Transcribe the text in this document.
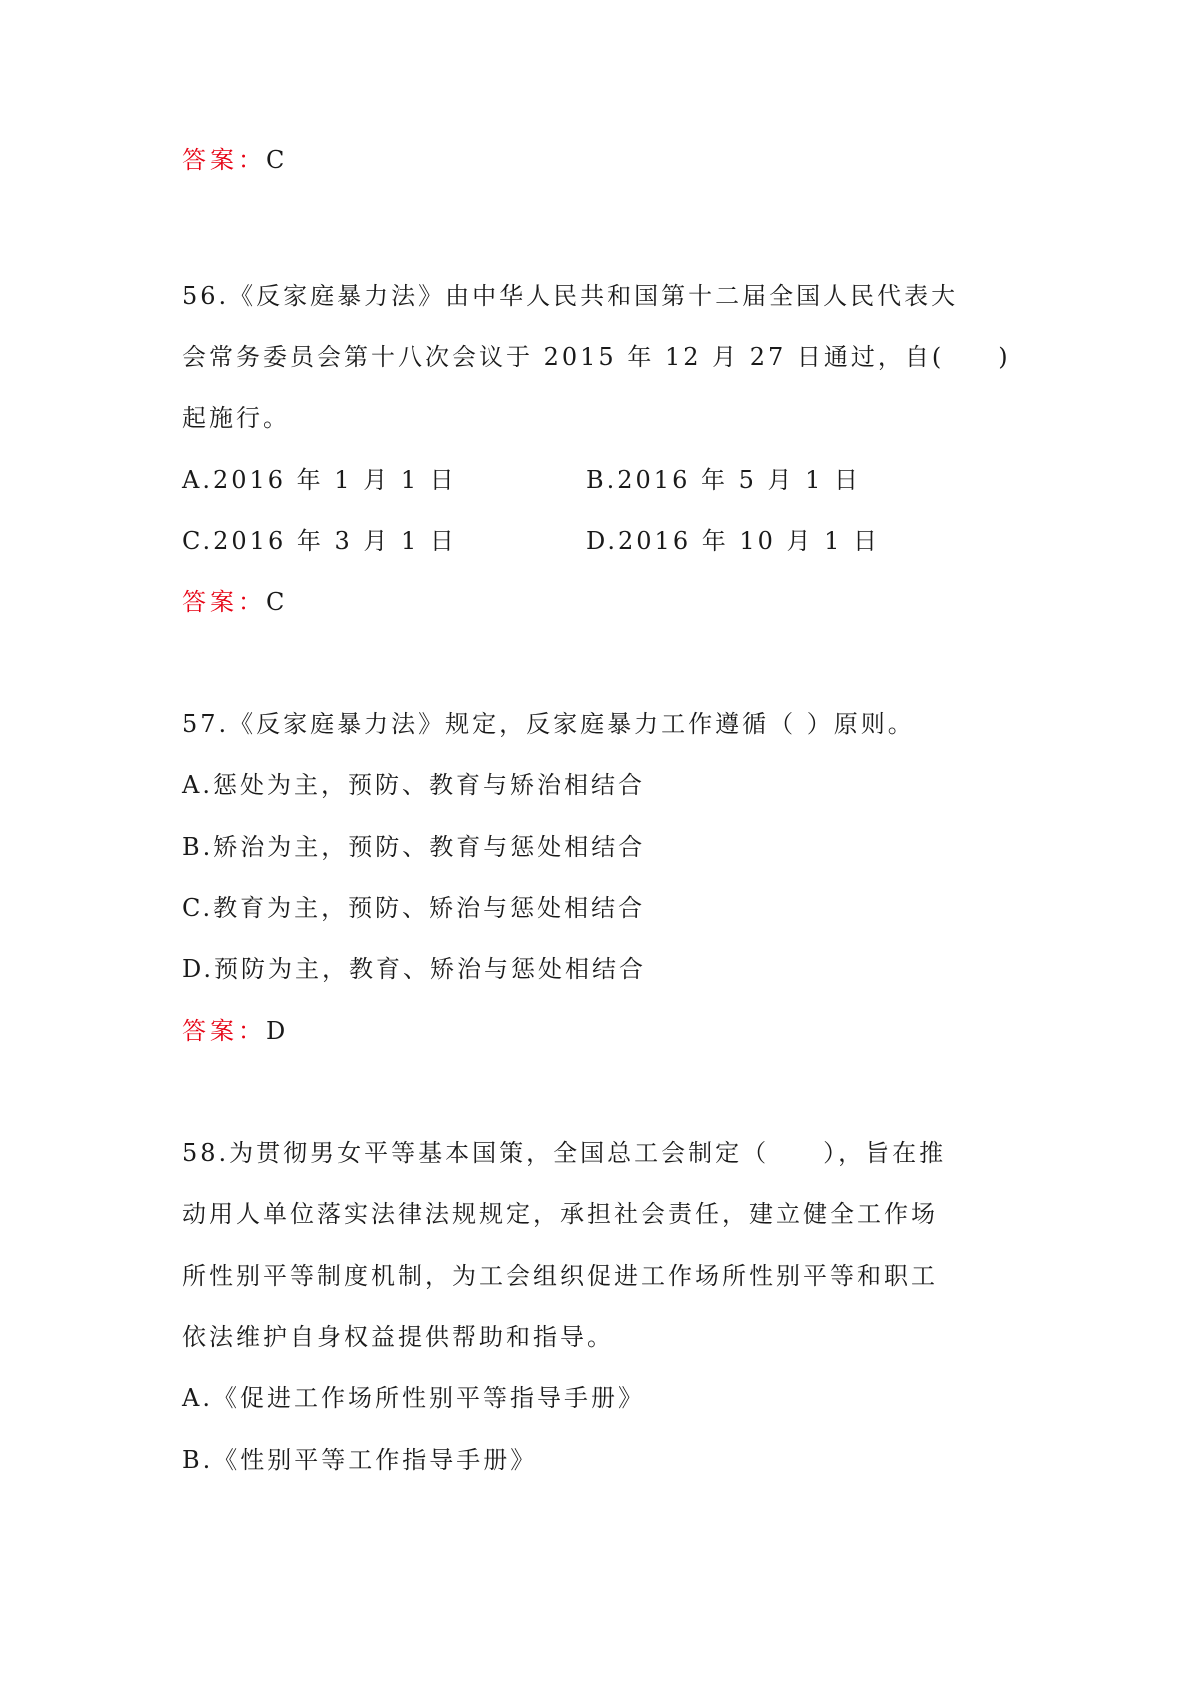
答案：C
56.《反家庭暴力法》由中华人民共和国第十二届全国人民代表大
会常务委员会第十八次会议于 2015 年 12 月 27 日通过，自(　　)
起施行。
A.2016 年 1 月 1 日	B.2016 年 5 月 1 日
C.2016 年 3 月 1 日	D.2016 年 10 月 1 日
答案：C
57.《反家庭暴力法》规定，反家庭暴力工作遵循（ ）原则。
A.惩处为主，预防、教育与矫治相结合
B.矫治为主，预防、教育与惩处相结合
C.教育为主，预防、矫治与惩处相结合
D.预防为主，教育、矫治与惩处相结合
答案：D
58.为贯彻男女平等基本国策，全国总工会制定（　　），旨在推
动用人单位落实法律法规规定，承担社会责任，建立健全工作场
所性别平等制度机制，为工会组织促进工作场所性别平等和职工
依法维护自身权益提供帮助和指导。
A.《促进工作场所性别平等指导手册》
B.《性别平等工作指导手册》
